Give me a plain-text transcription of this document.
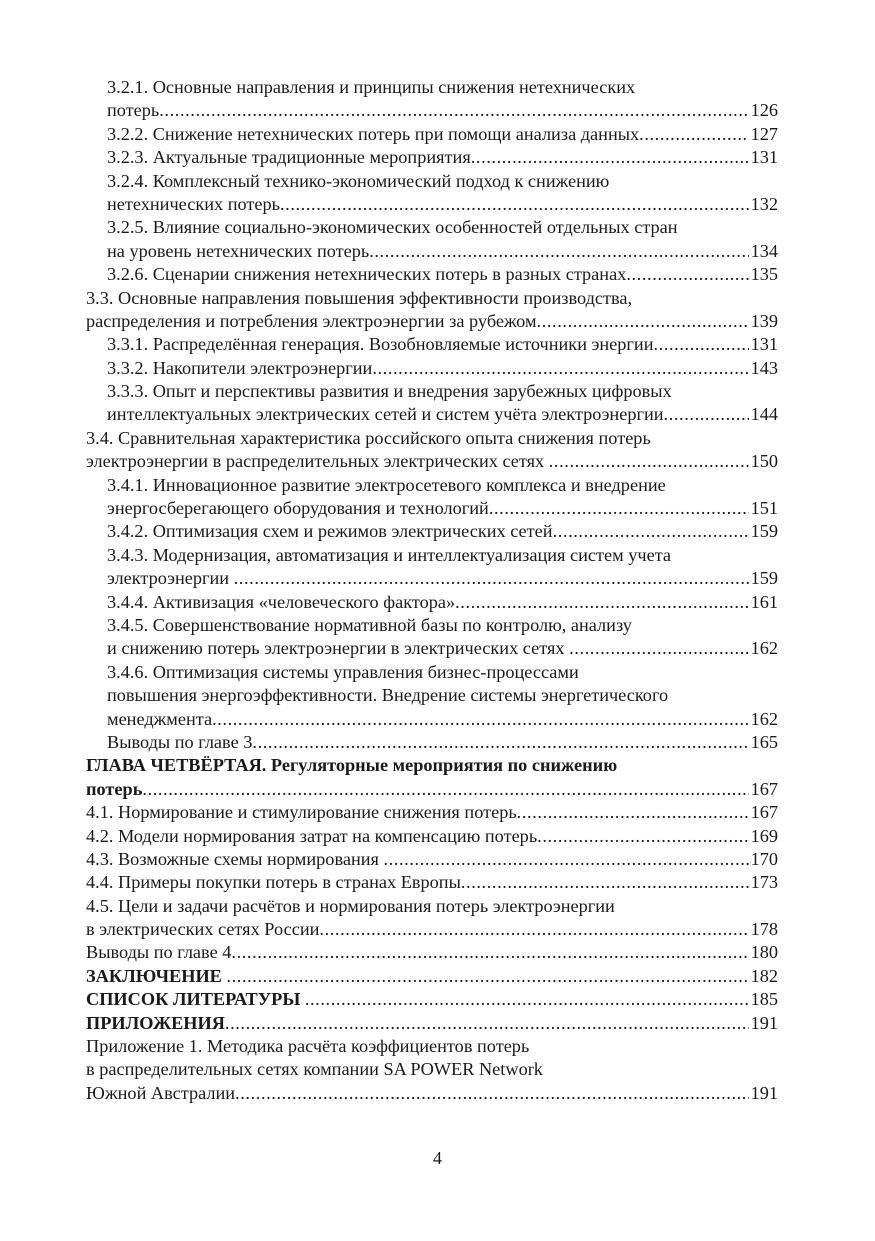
3.2.1. Основные направления и принципы снижения нетехнических
потерь .....	126
3.2.2. Снижение нетехнических потерь при помощи анализа данных .....	127
3.2.3. Актуальные традиционные мероприятия .....	131
3.2.4. Комплексный технико-экономический подход к снижению
нетехнических потерь .....	132
3.2.5. Влияние социально-экономических особенностей отдельных стран
на уровень нетехнических потерь .....	134
3.2.6. Сценарии снижения нетехнических потерь в разных странах .....	135
3.3. Основные направления повышения эффективности производства,
распределения и потребления электроэнергии за рубежом .....	139
3.3.1. Распределённая генерация. Возобновляемые источники энергии .....	131
3.3.2. Накопители электроэнергии .....	143
3.3.3. Опыт и перспективы развития и внедрения зарубежных цифровых
интеллектуальных электрических сетей и систем учёта электроэнергии .....	144
3.4. Сравнительная характеристика российского опыта снижения потерь
электроэнергии в распределительных электрических сетях .....	150
3.4.1. Инновационное развитие электросетевого комплекса и внедрение
энергосберегающего оборудования и технологий .....	151
3.4.2. Оптимизация схем и режимов электрических сетей .....	159
3.4.3. Модернизация, автоматизация и интеллектуализация систем учета
электроэнергии .....	159
3.4.4. Активизация «человеческого фактора» .....	161
3.4.5. Совершенствование нормативной базы по контролю, анализу
и снижению потерь электроэнергии в электрических сетях .....	162
3.4.6. Оптимизация системы управления бизнес-процессами
повышения энергоэффективности. Внедрение системы энергетического
менеджмента .....	162
Выводы по главе 3 .....	165
ГЛАВА ЧЕТВЁРТАЯ. Регуляторные мероприятия по снижению
потерь .....	167
4.1. Нормирование и стимулирование снижения потерь .....	167
4.2. Модели нормирования затрат на компенсацию потерь .....	169
4.3. Возможные схемы нормирования .....	170
4.4. Примеры покупки потерь в странах Европы .....	173
4.5. Цели и задачи расчётов и нормирования потерь электроэнергии
в электрических сетях России .....	178
Выводы по главе 4 .....	180
ЗАКЛЮЧЕНИЕ .....	182
СПИСОК ЛИТЕРАТУРЫ .....	185
ПРИЛОЖЕНИЯ .....	191
Приложение 1. Методика расчёта коэффициентов потерь
в распределительных сетях компании SA POWER Network
Южной Австралии .....	191
4
